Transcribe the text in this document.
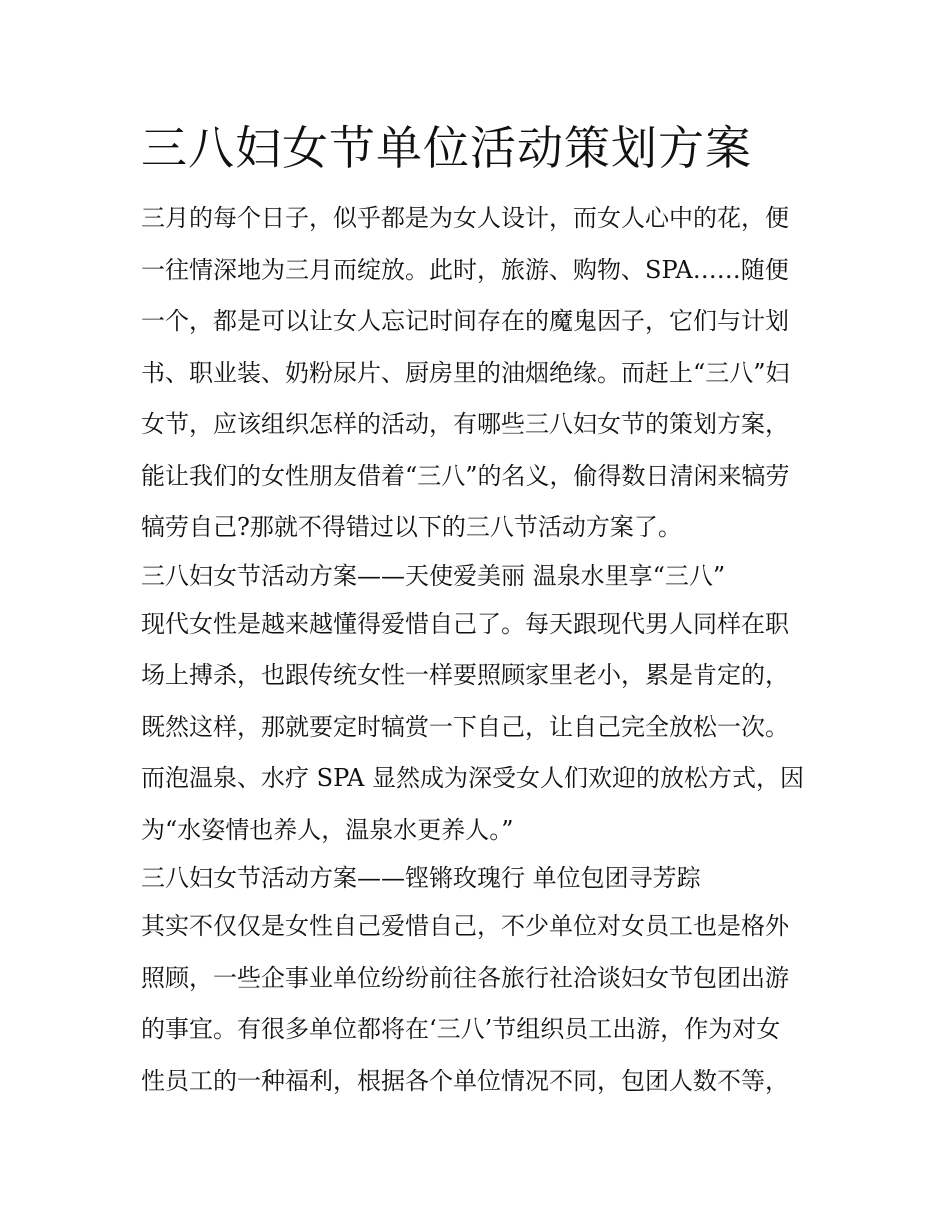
三八妇女节单位活动策划方案
三月的每个日子，似乎都是为女人设计，而女人心中的花，便
一往情深地为三月而绽放。此时，旅游、购物、SPA……随便
一个，都是可以让女人忘记时间存在的魔鬼因子，它们与计划
书、职业装、奶粉尿片、厨房里的油烟绝缘。而赶上“三八”妇
女节，应该组织怎样的活动，有哪些三八妇女节的策划方案，
能让我们的女性朋友借着“三八”的名义，偷得数日清闲来犒劳
犒劳自己?那就不得错过以下的三八节活动方案了。
三八妇女节活动方案——天使爱美丽 温泉水里享“三八”
现代女性是越来越懂得爱惜自己了。每天跟现代男人同样在职
场上搏杀，也跟传统女性一样要照顾家里老小，累是肯定的，
既然这样，那就要定时犒赏一下自己，让自己完全放松一次。
而泡温泉、水疗 SPA 显然成为深受女人们欢迎的放松方式，因
为“水姿情也养人，温泉水更养人。”
三八妇女节活动方案——铿锵玫瑰行 单位包团寻芳踪
其实不仅仅是女性自己爱惜自己，不少单位对女员工也是格外
照顾，一些企事业单位纷纷前往各旅行社洽谈妇女节包团出游
的事宜。有很多单位都将在‘三八’节组织员工出游，作为对女
性员工的一种福利，根据各个单位情况不同，包团人数不等，
